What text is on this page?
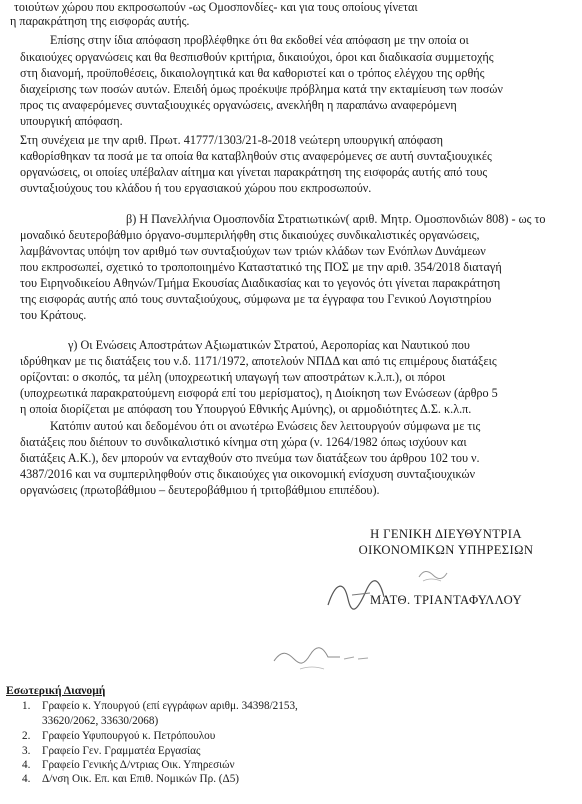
τοιούτων χώρου που εκπροσωπούν -ως Ομοσπονδίες- και για τους οποίους γίνεται
η παρακράτηση της εισφοράς αυτής.
Επίσης στην ίδια απόφαση προβλέφθηκε ότι θα εκδοθεί νέα απόφαση με την οποία οι
δικαιούχες οργανώσεις και θα θεσπισθούν κριτήρια, δικαιούχοι, όροι και διαδικασία συμμετοχής
στη διανομή, προϋποθέσεις, δικαιολογητικά και θα καθοριστεί και ο τρόπος ελέγχου της ορθής
διαχείρισης των ποσών αυτών. Επειδή όμως προέκυψε πρόβλημα κατά την εκταμίευση των ποσών
προς τις αναφερόμενες συνταξιουχικές οργανώσεις, ανεκλήθη η παραπάνω αναφερόμενη
υπουργική απόφαση.
Στη συνέχεια με την αριθ. Πρωτ. 41777/1303/21-8-2018 νεώτερη υπουργική απόφαση
καθορίσθηκαν τα ποσά με τα οποία θα καταβληθούν στις αναφερόμενες σε αυτή συνταξιουχικές
οργανώσεις, οι οποίες υπέβαλαν αίτημα και γίνεται παρακράτηση της εισφοράς αυτής από τους
συνταξιούχους του κλάδου ή του εργασιακού χώρου που εκπροσωπούν.
β) Η Πανελλήνια Ομοσπονδία Στρατιωτικών( αριθ. Μητρ. Ομοσπονδιών 808) - ως το
μοναδικό δευτεροβάθμιο όργανο-συμπεριλήφθη στις δικαιούχες συνδικαλιστικές οργανώσεις,
λαμβάνοντας υπόψη τον αριθμό των συνταξιούχων των τριών κλάδων των Ενόπλων Δυνάμεων
που εκπροσωπεί, σχετικό το τροποποιημένο Καταστατικό της ΠΟΣ με την αριθ. 354/2018 διαταγή
του Ειρηνοδικείου Αθηνών/Τμήμα Εκουσίας Διαδικασίας και το γεγονός ότι γίνεται παρακράτηση
της εισφοράς αυτής από τους συνταξιούχους, σύμφωνα με τα έγγραφα του Γενικού Λογιστηρίου
του Κράτους.
γ) Οι Ενώσεις Αποστράτων Αξιωματικών Στρατού, Αεροπορίας και Ναυτικού που
ιδρύθηκαν με τις διατάξεις του ν.δ. 1171/1972, αποτελούν ΝΠΔΔ και από τις επιμέρους διατάξεις
ορίζονται: ο σκοπός, τα μέλη (υποχρεωτική υπαγωγή των αποστράτων κ.λ.π.), οι πόροι
(υποχρεωτικά παρακρατούμενη εισφορά επί του μερίσματος), η Διοίκηση των Ενώσεων (άρθρο 5
η οποία διορίζεται με απόφαση του Υπουργού Εθνικής Αμύνης), οι αρμοδιότητες Δ.Σ. κ.λ.π.
Κατόπιν αυτού και δεδομένου ότι οι ανωτέρω Ενώσεις δεν λειτουργούν σύμφωνα με τις
διατάξεις που διέπουν το συνδικαλιστικό κίνημα στη χώρα (ν. 1264/1982 όπως ισχύουν και
διατάξεις Α.Κ.), δεν μπορούν να ενταχθούν στο πνεύμα των διατάξεων του άρθρου 102 του ν.
4387/2016 και να συμπεριληφθούν στις δικαιούχες για οικονομική ενίσχυση συνταξιουχικών
οργανώσεις (πρωτοβάθμιου – δευτεροβάθμιου ή τριτοβάθμιου επιπέδου).
Η ΓΕΝΙΚΗ ΔΙΕΥΘΥΝΤΡΙΑ
ΟΙΚΟΝΟΜΙΚΩΝ ΥΠΗΡΕΣΙΩΝ
ΜΑΤΘ. ΤΡΙΑΝΤΑΦΥΛΛΟΥ
Εσωτερική Διανομή
1. Γραφείο κ. Υπουργού (επί εγγράφων αριθμ. 34398/2153,
33620/2062, 33630/2068)
2. Γραφείο Υφυπουργού κ. Πετρόπουλου
3. Γραφείο Γεν. Γραμματέα Εργασίας
4. Γραφείο Γενικής Δ/ντριας Οικ. Υπηρεσιών
4. Δ/νση Οικ. Επ. και Επιθ. Νομικών Πρ. (Δ5)
